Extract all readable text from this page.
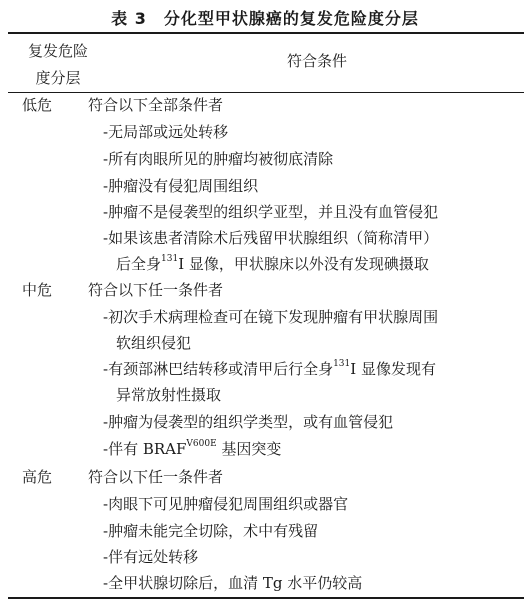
表 3　分化型甲状腺癌的复发危险度分层
复发危险
度分层
符合条件
低危 符合以下全部条件者
-无局部或远处转移
-所有肉眼所见的肿瘤均被彻底清除
-肿瘤没有侵犯周围组织
-肿瘤不是侵袭型的组织学亚型，并且没有血管侵犯
-如果该患者清除术后残留甲状腺组织（简称清甲）
后全身$^{131}$I 显像，甲状腺床以外没有发现碘摄取
中危 符合以下任一条件者
-初次手术病理检查可在镜下发现肿瘤有甲状腺周围
软组织侵犯
-有颈部淋巴结转移或清甲后行全身$^{131}$I 显像发现有
异常放射性摄取
-肿瘤为侵袭型的组织学类型，或有血管侵犯
-伴有 $BRAF^{V600E}$ 基因突变
高危 符合以下任一条件者
-肉眼下可见肿瘤侵犯周围组织或器官
-肿瘤未能完全切除，术中有残留
-伴有远处转移
-全甲状腺切除后，血清 Tg 水平仍较高
